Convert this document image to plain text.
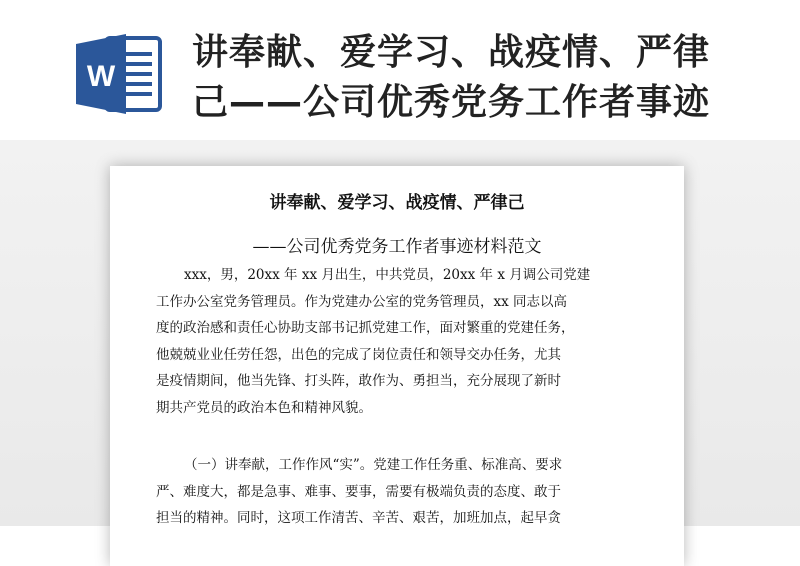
W
讲奉献、爱学习、战疫情、严律
己——公司优秀党务工作者事迹
讲奉献、爱学习、战疫情、严律己
——公司优秀党务工作者事迹材料范文
xxx，男，20xx 年 xx 月出生，中共党员，20xx 年 x 月调公司党建
工作办公室党务管理员。作为党建办公室的党务管理员，xx 同志以高
度的政治感和责任心协助支部书记抓党建工作，面对繁重的党建任务，
他兢兢业业任劳任怨，出色的完成了岗位责任和领导交办任务，尤其
是疫情期间，他当先锋、打头阵，敢作为、勇担当，充分展现了新时
期共产党员的政治本色和精神风貌。
（一）讲奉献，工作作风“实”。党建工作任务重、标准高、要求
严、难度大，都是急事、难事、要事，需要有极端负责的态度、敢于
担当的精神。同时，这项工作清苦、辛苦、艰苦，加班加点，起早贪
